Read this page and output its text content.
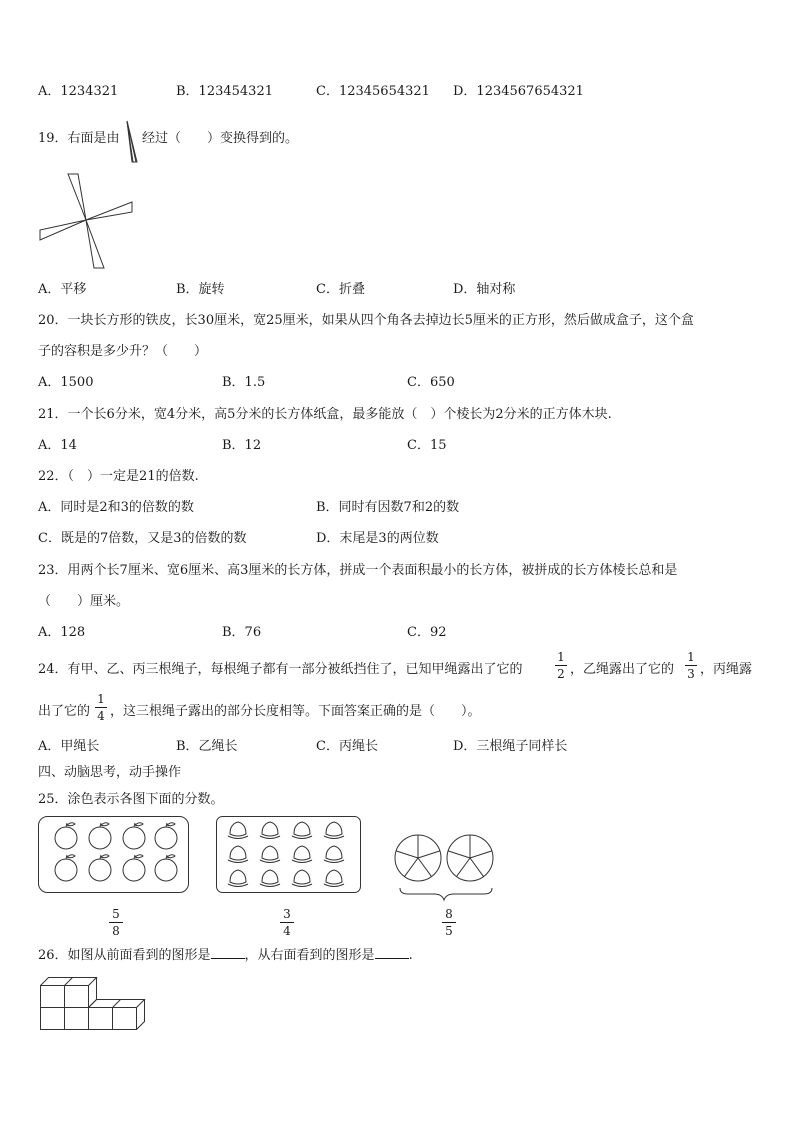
A．1234321	B．123454321	C．12345654321 D．1234567654321
19．右面是由 经过（　　）变换得到的。
A．平移	B．旋转	C．折叠	D．轴对称
20．一块长方形的铁皮，长30厘米，宽25厘米，如果从四个角各去掉边长5厘米的正方形，然后做成盒子，这个盒
子的容积是多少升？（　　）
A．1500	B．1.5	C．650
21．一个长6分米，宽4分米，高5分米的长方体纸盒，最多能放（　）个棱长为2分米的正方体木块.
A．14	B．12	C．15
22．（　）一定是21的倍数.
A．同时是2和3的倍数的数	B．同时有因数7和2的数
C．既是的7倍数，又是3的倍数的数	D．末尾是3的两位数
23．用两个长7厘米、宽6厘米、高3厘米的长方体，拼成一个表面积最小的长方体，被拼成的长方体棱长总和是
（　　）厘米。
A．128	B．76	C．92
24．有甲、乙、丙三根绳子，每根绳子都有一部分被纸挡住了，已知甲绳露出了它的
1
2 ，乙绳露出了它的
1
3 ，丙绳露
出了它的
1
4 ，这三根绳子露出的部分长度相等。下面答案正确的是（　　）。
A．甲绳长	B．乙绳长	C．丙绳长	D．三根绳子同样长
四、动脑思考，动手操作
25．涂色表示各图下面的分数。
5
8
3
4
8
5
26．如图从前面看到的图形是	，从右面看到的图形是	.
